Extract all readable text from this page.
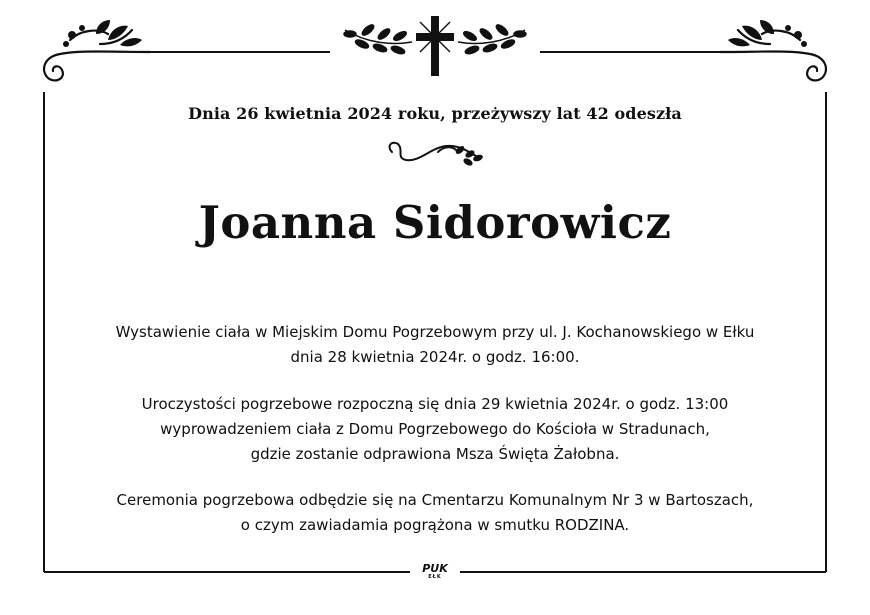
Dnia 26 kwietnia 2024 roku, przeżywszy lat 42 odeszła
Joanna Sidorowicz
Wystawienie ciała w Miejskim Domu Pogrzebowym przy ul. J. Kochanowskiego w Ełku
dnia 28 kwietnia 2024r. o godz. 16:00.
Uroczystości pogrzebowe rozpoczną się dnia 29 kwietnia 2024r. o godz. 13:00
wyprowadzeniem ciała z Domu Pogrzebowego do Kościoła w Stradunach,
gdzie zostanie odprawiona Msza Święta Żałobna.
Ceremonia pogrzebowa odbędzie się na Cmentarzu Komunalnym Nr 3 w Bartoszach,
o czym zawiadamia pogrążona w smutku RODZINA.
PUK
EŁK
